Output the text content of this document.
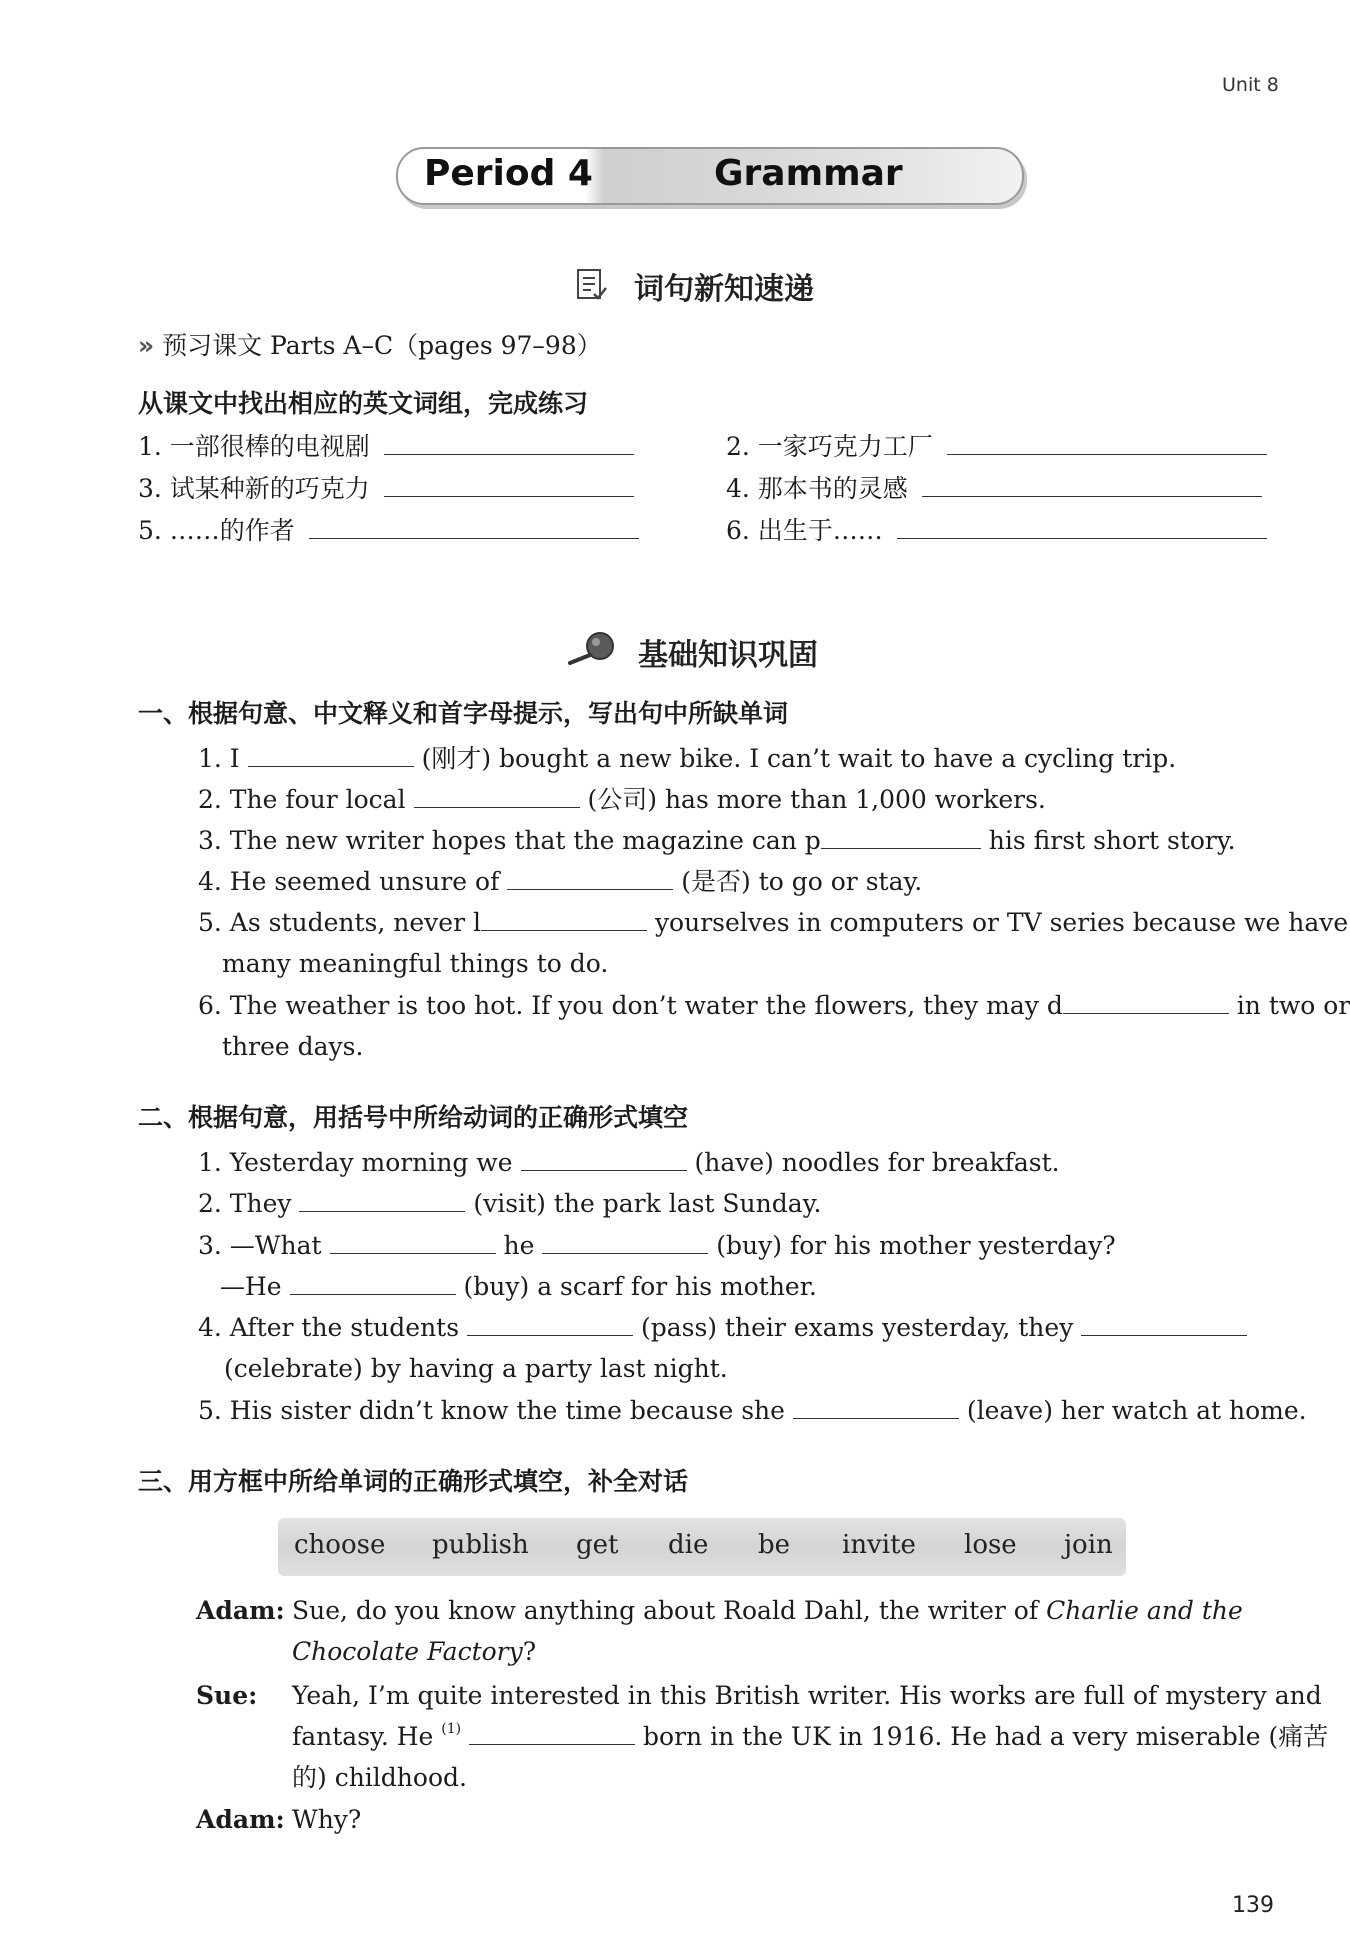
Unit 8
Period 4	Grammar
词句新知速递
» 预习课文 Parts A–C（pages 97–98）
从课文中找出相应的英文词组，完成练习
1. 一部很棒的电视剧	2. 一家巧克力工厂
3. 试某种新的巧克力	4. 那本书的灵感
5. ……的作者	6. 出生于……
基础知识巩固
一、根据句意、中文释义和首字母提示，写出句中所缺单词
1. I	(刚才) bought a new bike. I can’t wait to have a cycling trip.
2. The four local	(公司) has more than 1,000 workers.
3. The new writer hopes that the magazine can p	his first short story.
4. He seemed unsure of	(是否) to go or stay.
5. As students, never l	yourselves in computers or TV series because we have
many meaningful things to do.
6. The weather is too hot. If you don’t water the flowers, they may d	in two or
three days.
二、根据句意，用括号中所给动词的正确形式填空
1. Yesterday morning we	(have) noodles for breakfast.
2. They	(visit) the park last Sunday.
3. —What	he	(buy) for his mother yesterday?
—He	(buy) a scarf for his mother.
4. After the students	(pass) their exams yesterday, they
(celebrate) by having a party last night.
5. His sister didn’t know the time because she	(leave) her watch at home.
三、用方框中所给单词的正确形式填空，补全对话
choose publish get die be invite lose join
Adam: Sue, do you know anything about Roald Dahl, the writer of Charlie and the
Chocolate Factory?
Sue: Yeah, I’m quite interested in this British writer. His works are full of mystery and
fantasy. He $^{(1)}$	born in the UK in 1916. He had a very miserable (痛苦
的) childhood.
Adam: Why?
139
